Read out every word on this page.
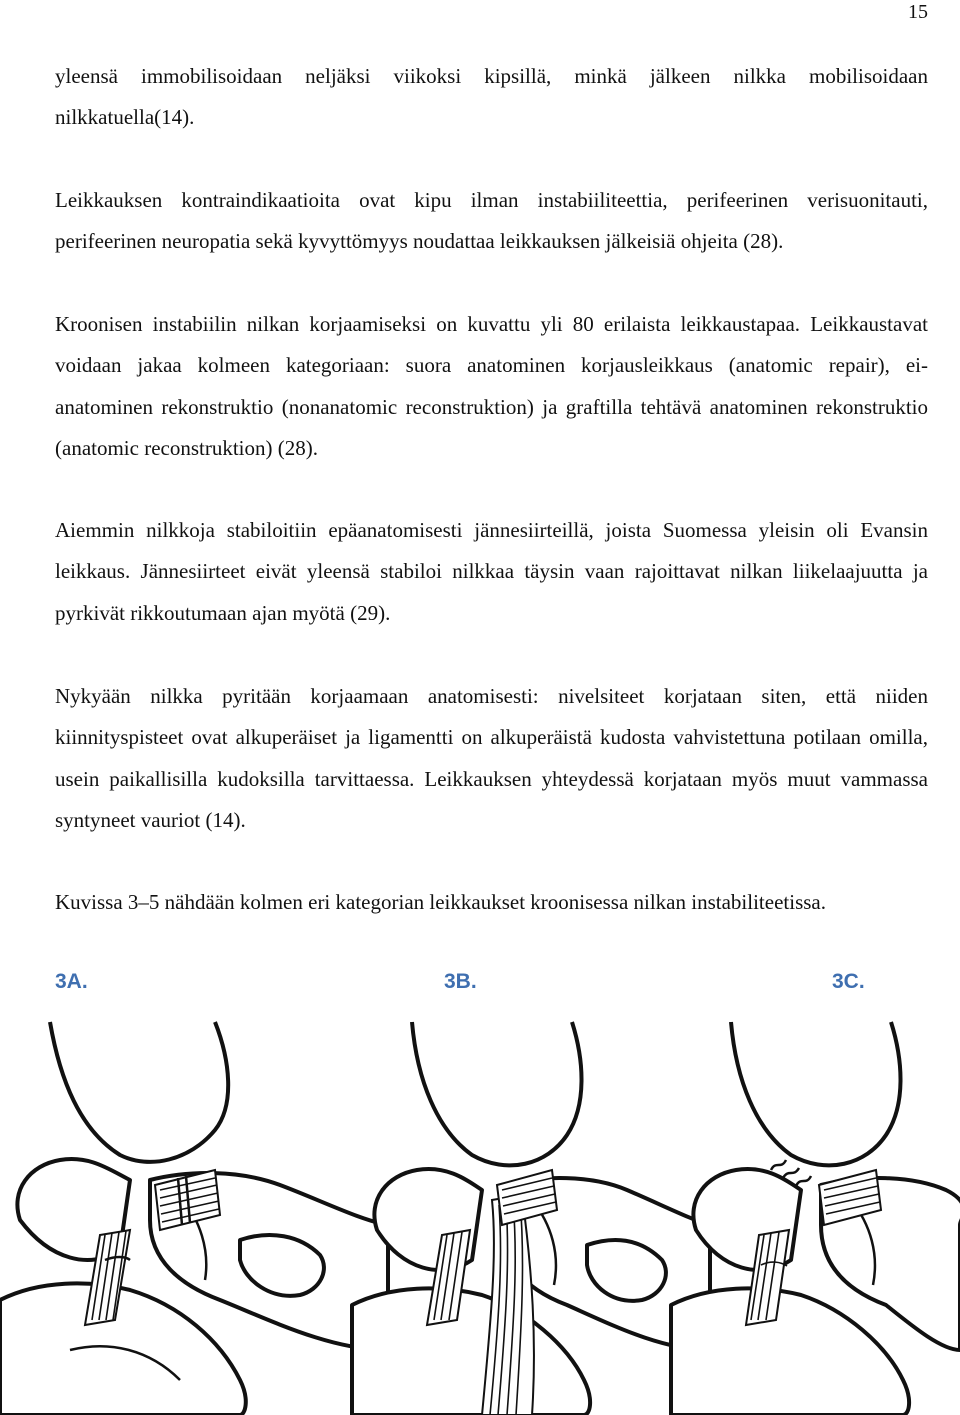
15

yleensä immobilisoidaan neljäksi viikoksi kipsillä, minkä jälkeen nilkka mobilisoidaan nilkkatuella(14).

Leikkauksen kontraindikaatioita ovat kipu ilman instabiiliteettia, perifeerinen verisuonitauti, perifeerinen neuropatia sekä kyvyttömyys noudattaa leikkauksen jälkeisiä ohjeita (28).

Kroonisen instabiilin nilkan korjaamiseksi on kuvattu yli 80 erilaista leikkaustapaa. Leikkaustavat voidaan jakaa kolmeen kategoriaan: suora anatominen korjausleikkaus (anatomic repair), ei-anatominen rekonstruktio (nonanatomic reconstruktion) ja graftilla tehtävä anatominen rekonstruktio (anatomic reconstruktion) (28).

Aiemmin nilkkoja stabiloitiin epäanatomisesti jännesiirteillä, joista Suomessa yleisin oli Evansin leikkaus. Jännesiirteet eivät yleensä stabiloi nilkkaa täysin vaan rajoittavat nilkan liikelaajuutta ja pyrkivät rikkoutumaan ajan myötä (29).

Nykyään nilkka pyritään korjaamaan anatomisesti: nivelsiteet korjataan siten, että niiden kiinnityspisteet ovat alkuperäiset ja ligamentti on alkuperäistä kudosta vahvistettuna potilaan omilla, usein paikallisilla kudoksilla tarvittaessa. Leikkauksen yhteydessä korjataan myös muut vammassa syntyneet vauriot (14).

Kuvissa 3–5 nähdään kolmen eri kategorian leikkaukset kroonisessa nilkan instabiliteetissa.

3A.	3B.	3C.
